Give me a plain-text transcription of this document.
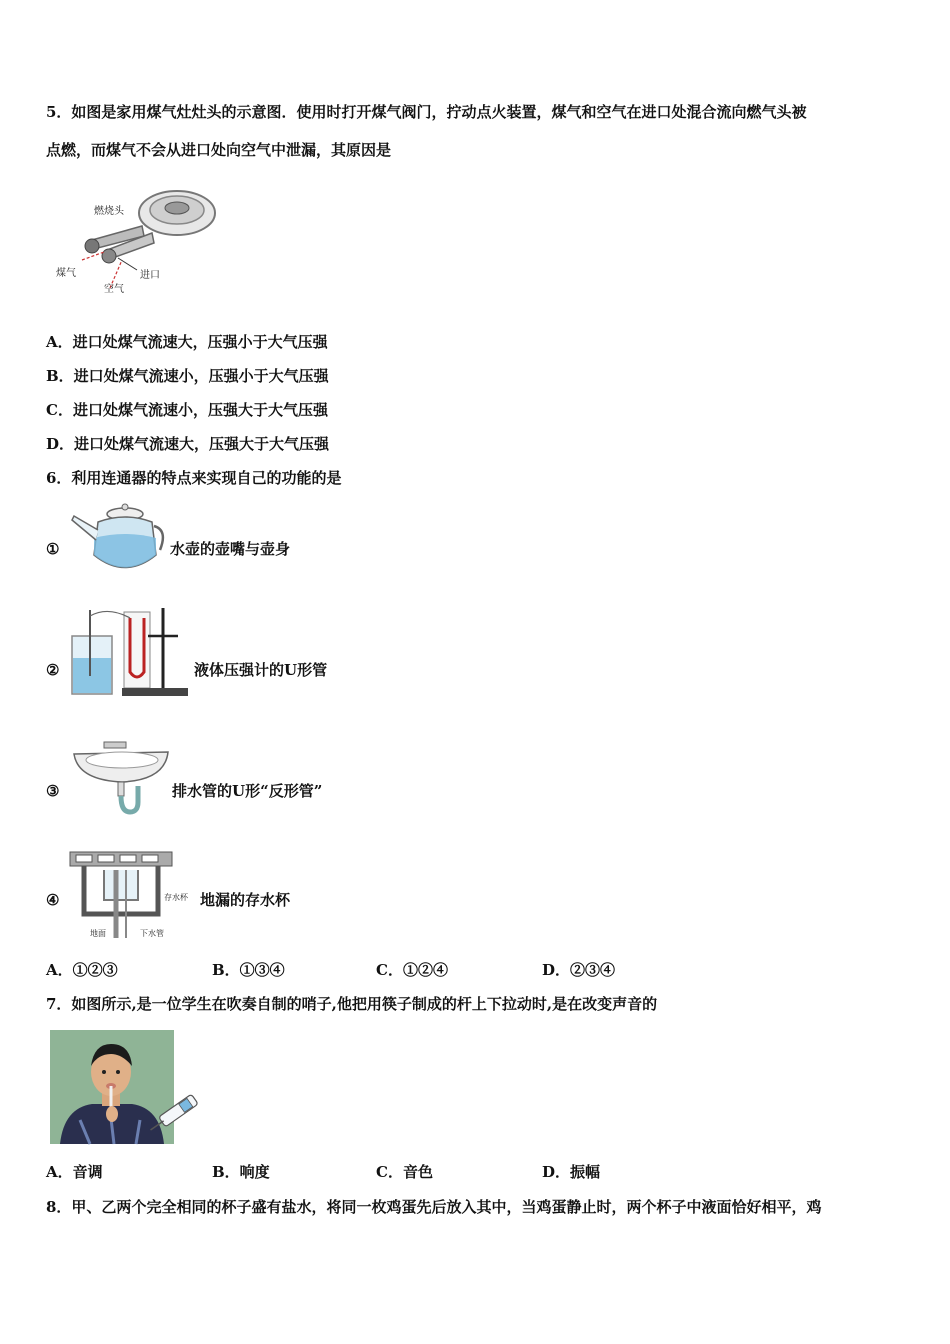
5．如图是家用煤气灶灶头的示意图．使用时打开煤气阀门，拧动点火装置，煤气和空气在进口处混合流向燃气头被
点燃，而煤气不会从进口处向空气中泄漏，其原因是
燃烧头
煤气	进口
空气
A．进口处煤气流速大，压强小于大气压强
B．进口处煤气流速小，压强小于大气压强
C．进口处煤气流速小，压强大于大气压强
D．进口处煤气流速大，压强大于大气压强
6．利用连通器的特点来实现自己的功能的是
①	水壶的壶嘴与壶身
②	液体压强计的U形管
③	排水管的U形“反形管”
④	存水杯
地面	下水管
地漏的存水杯
A．①②③	B．①③④	C．①②④	D．②③④
7．如图所示,是一位学生在吹奏自制的哨子,他把用筷子制成的杆上下拉动时,是在改变声音的
A．音调	B．响度	C．音色	D．振幅
8．甲、乙两个完全相同的杯子盛有盐水，将同一枚鸡蛋先后放入其中，当鸡蛋静止时，两个杯子中液面恰好相平，鸡
